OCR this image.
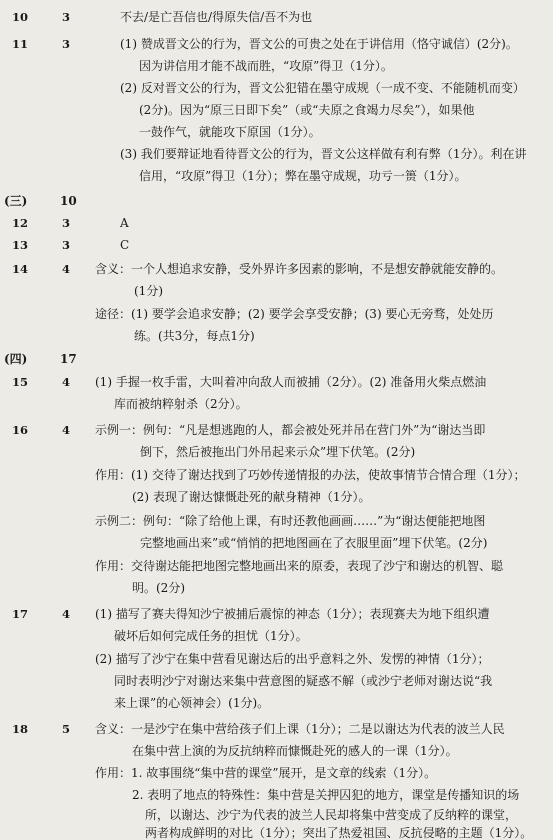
10	3	不去/是亡吾信也/得原失信/吾不为也
11	3	(1) 赞成晋文公的行为，晋文公的可贵之处在于讲信用（恪守诚信）(2分)。
因为讲信用才能不战而胜，“攻原”得卫（1分）。
(2) 反对晋文公的行为，晋文公犯错在墨守成规（一成不变、不能随机而变）
(2分)。因为“原三日即下矣”（或“夫原之食竭力尽矣”），如果他
一鼓作气，就能攻下原国（1分）。
(3) 我们要辩证地看待晋文公的行为，晋文公这样做有利有弊（1分）。利在讲
信用，“攻原”得卫（1分）；弊在墨守成规，功亏一篑（1分）。
(三)	10
12	3	A
13	3	C
14	4 含义：一个人想追求安静，受外界许多因素的影响，不是想安静就能安静的。
(1分)
途径：(1) 要学会追求安静；(2) 要学会享受安静；(3) 要心无旁骛，处处历
练。(共3分，每点1分)
(四)	17
15	4 (1) 手握一枚手雷，大叫着冲向敌人而被捕（2分）。(2) 准备用火柴点燃油
库而被纳粹射杀（2分）。
16	4 示例一：例句：“凡是想逃跑的人，都会被处死并吊在营门外”为“谢达当即
倒下，然后被拖出门外吊起来示众”埋下伏笔。(2分)
作用：(1) 交待了谢达找到了巧妙传递情报的办法，使故事情节合情合理（1分）；
(2) 表现了谢达慷慨赴死的献身精神（1分）。
示例二：例句：“除了给他上课，有时还教他画画……”为“谢达便能把地图
完整地画出来”或“悄悄的把地图画在了衣服里面”埋下伏笔。(2分)
作用：交待谢达能把地图完整地画出来的原委，表现了沙宁和谢达的机智、聪
明。(2分)
17	4 (1) 描写了赛夫得知沙宁被捕后震惊的神态（1分）；表现赛夫为地下组织遭
破坏后如何完成任务的担忧（1分）。
(2) 描写了沙宁在集中营看见谢达后的出乎意料之外、发愣的神情（1分）；
同时表明沙宁对谢达来集中营意图的疑惑不解（或沙宁老师对谢达说“我
来上课”的心领神会）(1分)。
18	5 含义：一是沙宁在集中营给孩子们上课（1分）；二是以谢达为代表的波兰人民
在集中营上演的为反抗纳粹而慷慨赴死的感人的一课（1分）。
作用：1. 故事围绕“集中营的课堂”展开，是文章的线索（1分）。
2. 表明了地点的特殊性：集中营是关押囚犯的地方，课堂是传播知识的场
所，以谢达、沙宁为代表的波兰人民却将集中营变成了反纳粹的课堂，
两者构成鲜明的对比（1分）；突出了热爱祖国、反抗侵略的主题（1分）。
